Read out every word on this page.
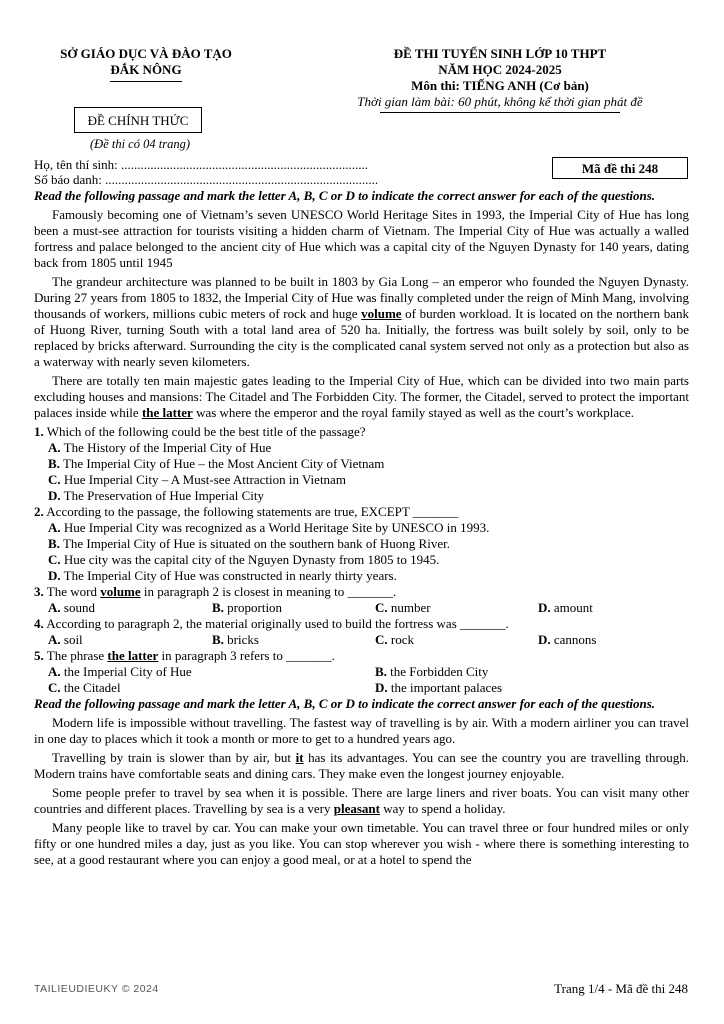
SỞ GIÁO DỤC VÀ ĐÀO TẠO
ĐẮK NÔNG
ĐỀ CHÍNH THỨC
(Đề thi có 04 trang)
ĐỀ THI TUYỂN SINH LỚP 10 THPT
NĂM HỌC 2024-2025
Môn thi: TIẾNG ANH (Cơ bản)
Thời gian làm bài: 60 phút, không kể thời gian phát đề
Họ, tên thí sinh: ............................................................................
Số báo danh: ....................................................................................
Mã đề thi 248

Read the following passage and mark the letter A, B, C or D to indicate the correct answer for each of the questions.

Famously becoming one of Vietnam’s seven UNESCO World Heritage Sites in 1993, the Imperial City of Hue has long been a must-see attraction for tourists visiting a hidden charm of Vietnam. The Imperial City of Hue was actually a walled fortress and palace belonged to the ancient city of Hue which was a capital city of the Nguyen Dynasty for 140 years, dating back from 1805 until 1945

The grandeur architecture was planned to be built in 1803 by Gia Long – an emperor who founded the Nguyen Dynasty. During 27 years from 1805 to 1832, the Imperial City of Hue was finally completed under the reign of Minh Mang, involving thousands of workers, millions cubic meters of rock and huge volume of burden workload. It is located on the northern bank of Huong River, turning South with a total land area of 520 ha. Initially, the fortress was built solely by soil, only to be replaced by bricks afterward. Surrounding the city is the complicated canal system served not only as a protection but also as a waterway with nearly seven kilometers.

There are totally ten main majestic gates leading to the Imperial City of Hue, which can be divided into two main parts excluding houses and mansions: The Citadel and The Forbidden City. The former, the Citadel, served to protect the important palaces inside while the latter was where the emperor and the royal family stayed as well as the court’s workplace.

1. Which of the following could be the best title of the passage?

A. The History of the Imperial City of Hue

B. The Imperial City of Hue – the Most Ancient City of Vietnam

C. Hue Imperial City – A Must-see Attraction in Vietnam

D. The Preservation of Hue Imperial City

2. According to the passage, the following statements are true, EXCEPT _______

A. Hue Imperial City was recognized as a World Heritage Site by UNESCO in 1993.

B. The Imperial City of Hue is situated on the southern bank of Huong River.

C. Hue city was the capital city of the Nguyen Dynasty from 1805 to 1945.

D. The Imperial City of Hue was constructed in nearly thirty years.

3. The word volume in paragraph 2 is closest in meaning to _______.

A. sound	B. proportion	C. number	D. amount

4. According to paragraph 2, the material originally used to build the fortress was _______.

A. soil	B. bricks	C. rock	D. cannons

5. The phrase the latter in paragraph 3 refers to _______.

A. the Imperial City of Hue	B. the Forbidden City
C. the Citadel	D. the important palaces

Read the following passage and mark the letter A, B, C or D to indicate the correct answer for each of the questions.

Modern life is impossible without travelling. The fastest way of travelling is by air. With a modern airliner you can travel in one day to places which it took a month or more to get to a hundred years ago.

Travelling by train is slower than by air, but it has its advantages. You can see the country you are travelling through. Modern trains have comfortable seats and dining cars. They make even the longest journey enjoyable.

Some people prefer to travel by sea when it is possible. There are large liners and river boats. You can visit many other countries and different places. Travelling by sea is a very pleasant way to spend a holiday.

Many people like to travel by car. You can make your own timetable. You can travel three or four hundred miles or only fifty or one hundred miles a day, just as you like. You can stop wherever you wish - where there is something interesting to see, at a good restaurant where you can enjoy a good meal, or at a hotel to spend the

TAILIEUDIEUKY © 2024	Trang 1/4 - Mã đề thi 248
